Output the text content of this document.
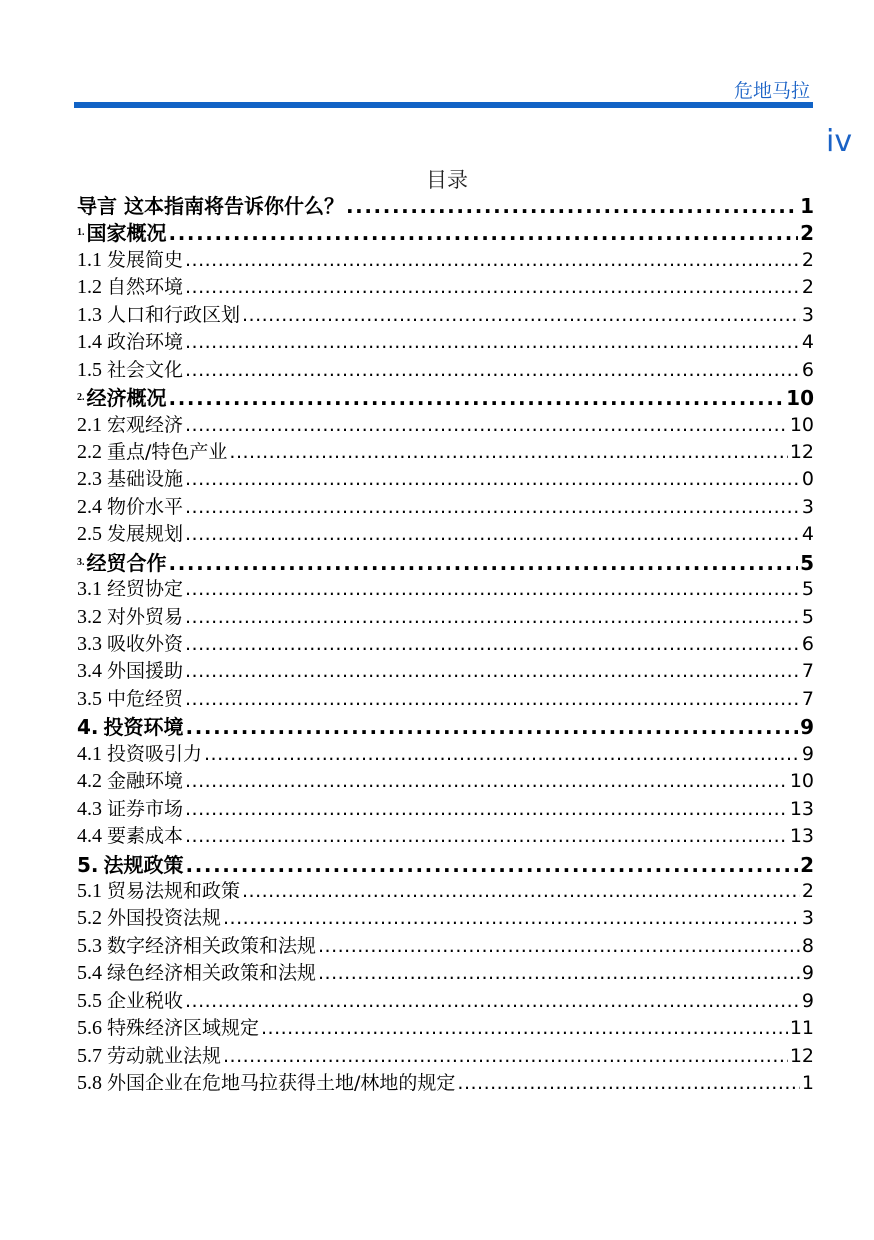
危地马拉
iv
目录
导言 这本指南将告诉你什么？ .....	1
1. 国家概况 .....	2
1.1 发展简史 .....	2
1.2 自然环境 .....	2
1.3 人口和行政区划 .....	3
1.4 政治环境 .....	4
1.5 社会文化 .....	6
2. 经济概况 .....	10
2.1 宏观经济 .....	10
2.2 重点/特色产业 .....	12
2.3 基础设施 .....	0
2.4 物价水平 .....	3
2.5 发展规划 .....	4
3. 经贸合作 .....	5
3.1 经贸协定 .....	5
3.2 对外贸易 .....	5
3.3 吸收外资 .....	6
3.4 外国援助 .....	7
3.5 中危经贸 .....	7
4. 投资环境 .....	9
4.1 投资吸引力 .....	9
4.2 金融环境 .....	10
4.3 证券市场 .....	13
4.4 要素成本 .....	13
5. 法规政策 .....	2
5.1 贸易法规和政策 .....	2
5.2 外国投资法规 .....	3
5.3 数字经济相关政策和法规 .....	8
5.4 绿色经济相关政策和法规 .....	9
5.5 企业税收 .....	9
5.6 特殊经济区域规定 .....	11
5.7 劳动就业法规 .....	12
5.8 外国企业在危地马拉获得土地/林地的规定 .....	1
